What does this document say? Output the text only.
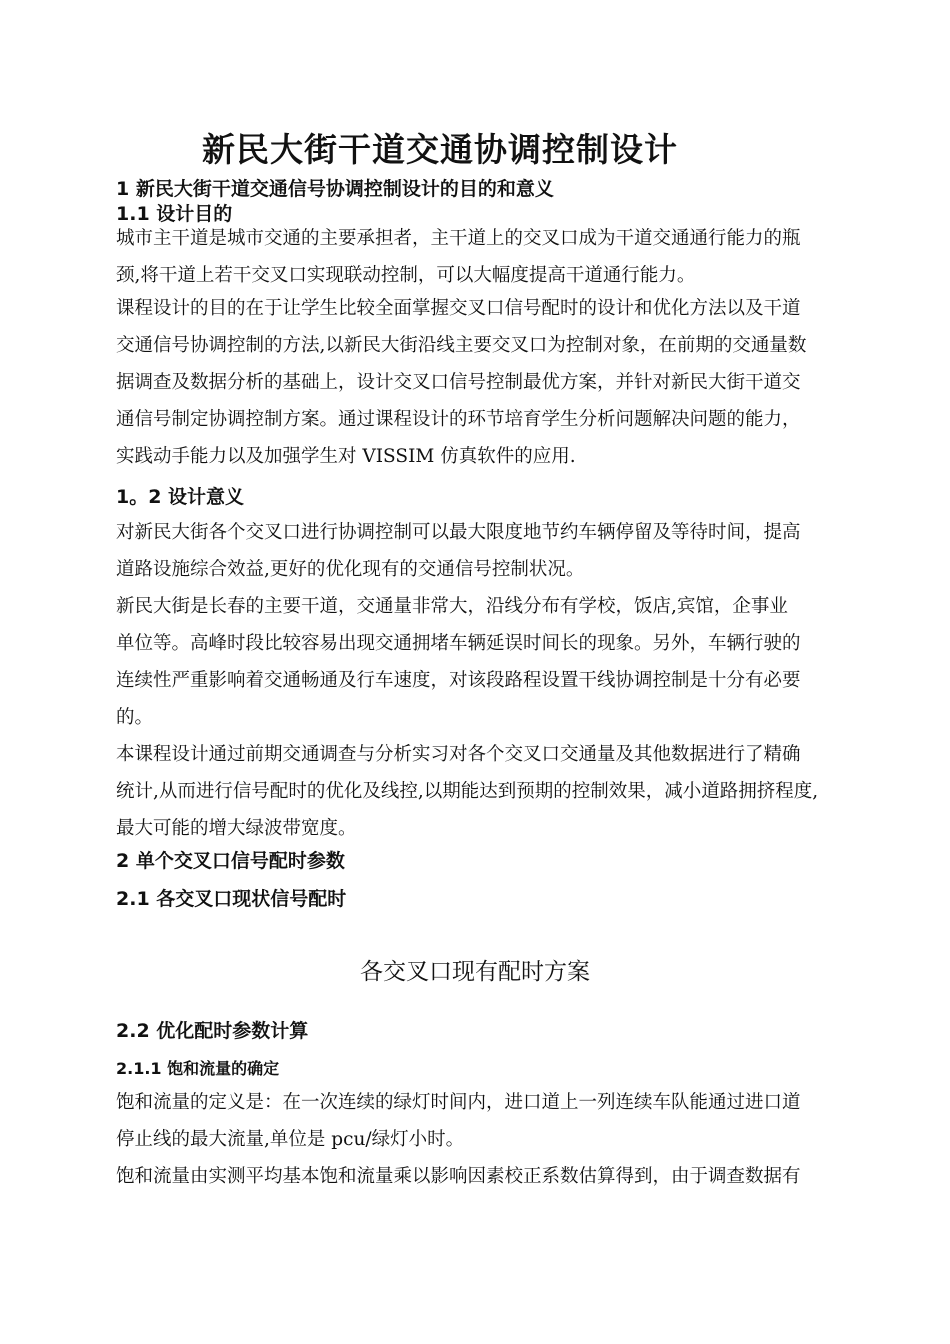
新民大街干道交通协调控制设计
1 新民大街干道交通信号协调控制设计的目的和意义
1.1 设计目的
城市主干道是城市交通的主要承担者，主干道上的交叉口成为干道交通通行能力的瓶
颈,将干道上若干交叉口实现联动控制，可以大幅度提高干道通行能力。
课程设计的目的在于让学生比较全面掌握交叉口信号配时的设计和优化方法以及干道
交通信号协调控制的方法,以新民大街沿线主要交叉口为控制对象，在前期的交通量数
据调查及数据分析的基础上，设计交叉口信号控制最优方案，并针对新民大街干道交
通信号制定协调控制方案。通过课程设计的环节培育学生分析问题解决问题的能力，
实践动手能力以及加强学生对 VISSIM 仿真软件的应用.
1。2 设计意义
对新民大街各个交叉口进行协调控制可以最大限度地节约车辆停留及等待时间，提高
道路设施综合效益,更好的优化现有的交通信号控制状况。
新民大街是长春的主要干道，交通量非常大，沿线分布有学校，饭店,宾馆，企事业
单位等。高峰时段比较容易出现交通拥堵车辆延误时间长的现象。另外，车辆行驶的
连续性严重影响着交通畅通及行车速度，对该段路程设置干线协调控制是十分有必要
的。
本课程设计通过前期交通调查与分析实习对各个交叉口交通量及其他数据进行了精确
统计,从而进行信号配时的优化及线控,以期能达到预期的控制效果，减小道路拥挤程度,
最大可能的增大绿波带宽度。
2 单个交叉口信号配时参数
2.1 各交叉口现状信号配时
各交叉口现有配时方案
2.2 优化配时参数计算
2.1.1 饱和流量的确定
饱和流量的定义是：在一次连续的绿灯时间内，进口道上一列连续车队能通过进口道
停止线的最大流量,单位是 pcu/绿灯小时。
饱和流量由实测平均基本饱和流量乘以影响因素校正系数估算得到，由于调查数据有
